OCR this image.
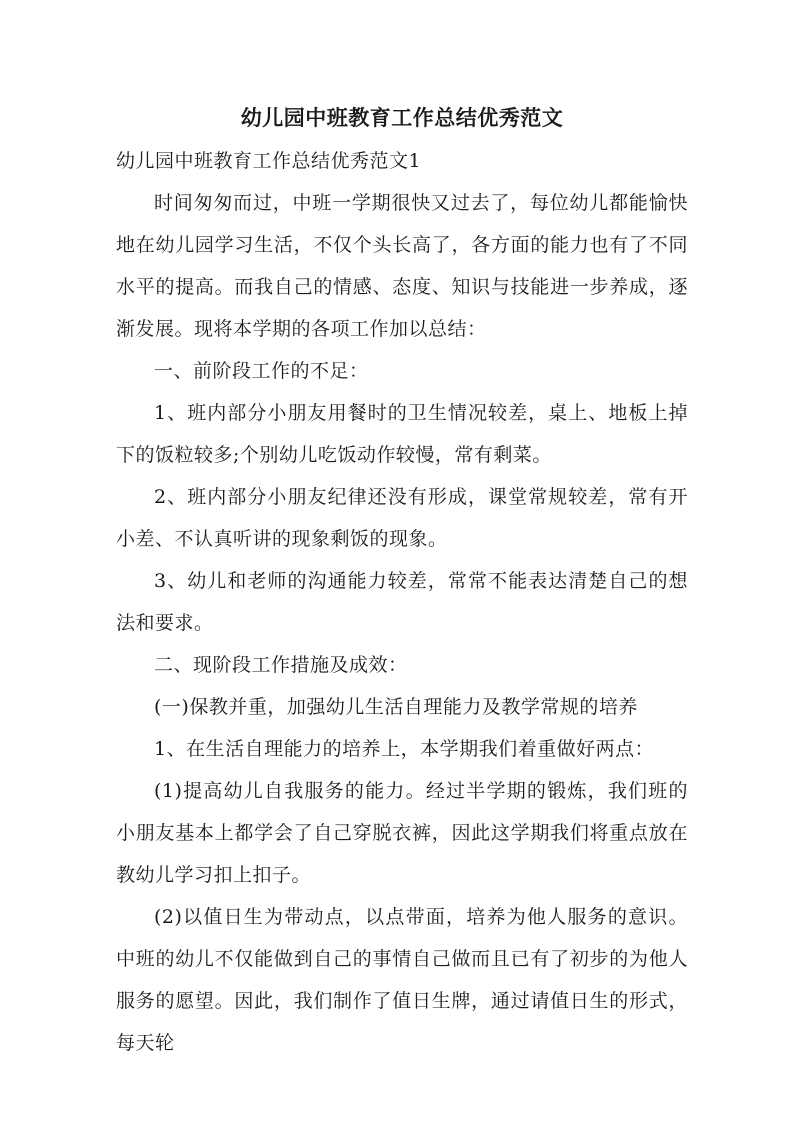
幼儿园中班教育工作总结优秀范文

幼儿园中班教育工作总结优秀范文1

时间匆匆而过，中班一学期很快又过去了，每位幼儿都能愉快地在幼儿园学习生活，不仅个头长高了，各方面的能力也有了不同水平的提高。而我自己的情感、态度、知识与技能进一步养成，逐渐发展。现将本学期的各项工作加以总结：

一、前阶段工作的不足：

1、班内部分小朋友用餐时的卫生情况较差，桌上、地板上掉下的饭粒较多;个别幼儿吃饭动作较慢，常有剩菜。

2、班内部分小朋友纪律还没有形成，课堂常规较差，常有开小差、不认真听讲的现象剩饭的现象。

3、幼儿和老师的沟通能力较差，常常不能表达清楚自己的想法和要求。

二、现阶段工作措施及成效：

(一)保教并重，加强幼儿生活自理能力及教学常规的培养

1、在生活自理能力的培养上，本学期我们着重做好两点：

(1)提高幼儿自我服务的能力。经过半学期的锻炼，我们班的小朋友基本上都学会了自己穿脱衣裤，因此这学期我们将重点放在教幼儿学习扣上扣子。

(2)以值日生为带动点，以点带面，培养为他人服务的意识。中班的幼儿不仅能做到自己的事情自己做而且已有了初步的为他人服务的愿望。因此，我们制作了值日生牌，通过请值日生的形式，每天轮
